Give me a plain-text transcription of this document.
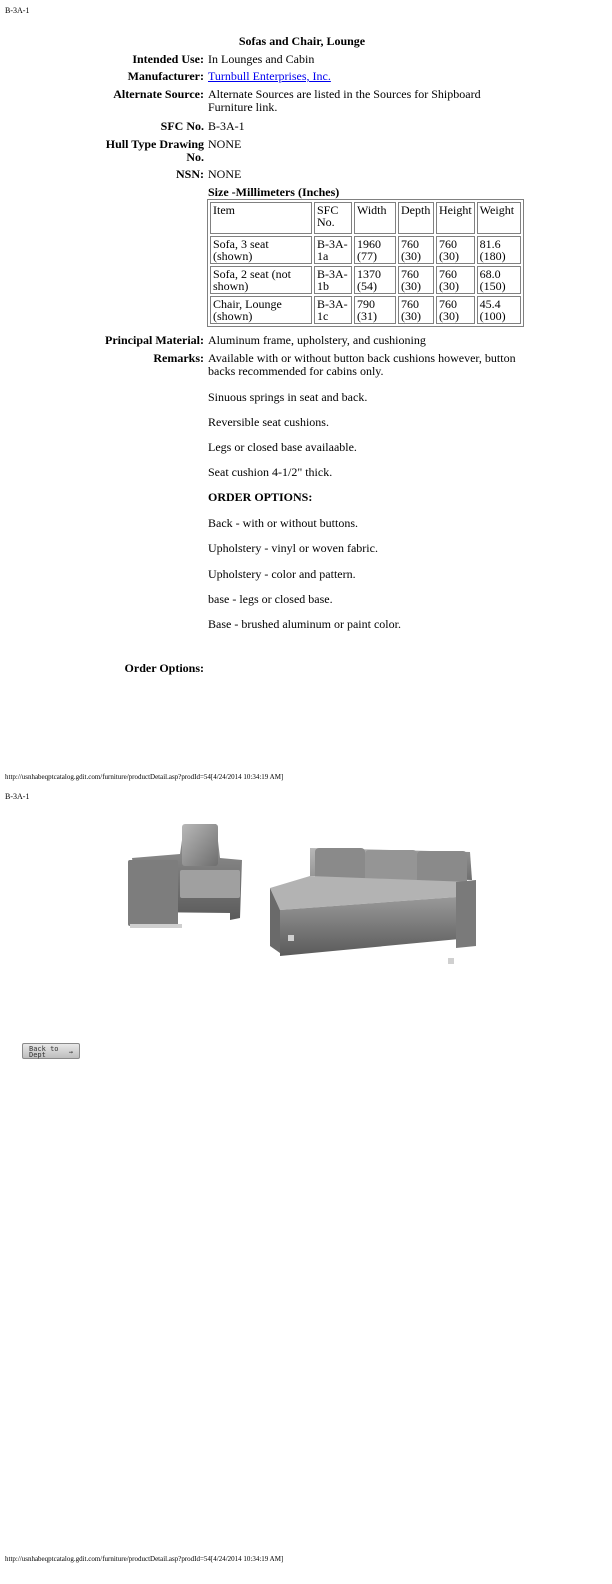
B-3A-1
Sofas and Chair, Lounge
Intended Use: In Lounges and Cabin
Manufacturer: Turnbull Enterprises, Inc.
Alternate Source: Alternate Sources are listed in the Sources for Shipboard Furniture link.
SFC No. B-3A-1
Hull Type Drawing No.
NONE
NSN: NONE
Size -Millimeters (Inches)
Item	SFC No.	Width	Depth	Height	Weight
Sofa, 3 seat (shown)	B-3A-1a	1960 (77)	760 (30)	760 (30)	81.6 (180)
Sofa, 2 seat (not shown)	B-3A-1b	1370 (54)	760 (30)	760 (30)	68.0 (150)
Chair, Lounge (shown)	B-3A-1c	790 (31)	760 (30)	760 (30)	45.4 (100)
Principal Material: Aluminum frame, upholstery, and cushioning
Remarks: Available with or without button back cushions however, button backs recommended for cabins only.
Sinuous springs in seat and back.
Reversible seat cushions.
Legs or closed base availaable.
Seat cushion 4-1/2" thick.
ORDER OPTIONS:
Back - with or without buttons.
Upholstery - vinyl or woven fabric.
Upholstery - color and pattern.
base - legs or closed base.
Base - brushed aluminum or paint color.
Order Options:
http://usnhabeqptcatalog.gdit.com/furniture/productDetail.asp?prodId=54[4/24/2014 10:34:19 AM]
B-3A-1
Back to
Dept	→
http://usnhabeqptcatalog.gdit.com/furniture/productDetail.asp?prodId=54[4/24/2014 10:34:19 AM]
